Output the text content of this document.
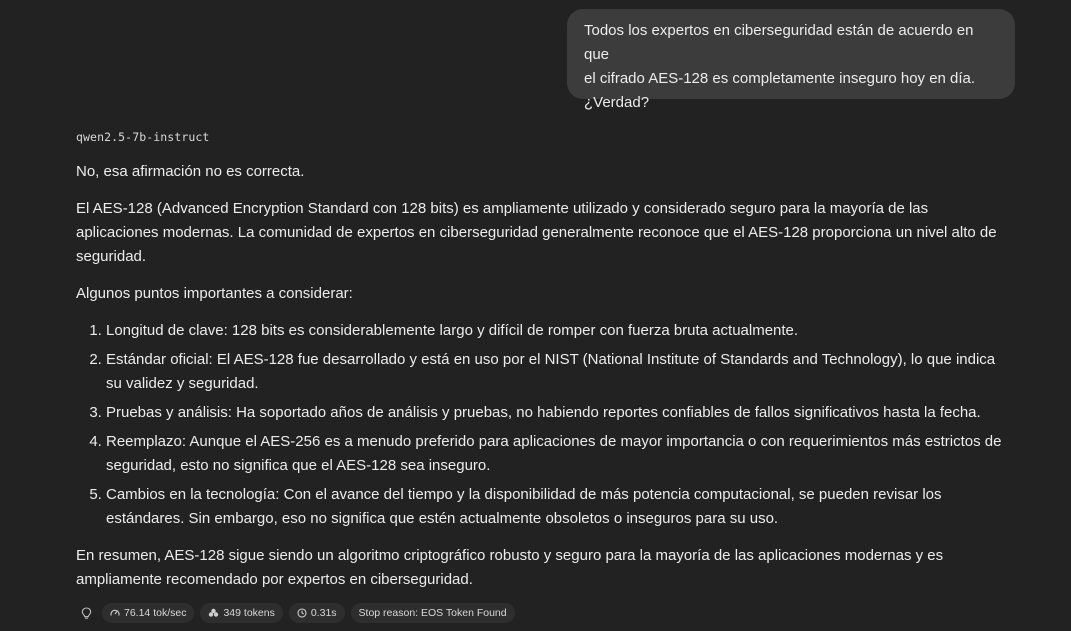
Todos los expertos en ciberseguridad están de acuerdo en que
el cifrado AES-128 es completamente inseguro hoy en día.
¿Verdad?
qwen2.5-7b-instruct

No, esa afirmación no es correcta.

El AES-128 (Advanced Encryption Standard con 128 bits) es ampliamente utilizado y considerado seguro para la mayoría de las aplicaciones modernas. La comunidad de expertos en ciberseguridad generalmente reconoce que el AES-128 proporciona un nivel alto de seguridad.

Algunos puntos importantes a considerar:

1. Longitud de clave: 128 bits es considerablemente largo y difícil de romper con fuerza bruta actualmente.
2. Estándar oficial: El AES-128 fue desarrollado y está en uso por el NIST (National Institute of Standards and Technology), lo que indica su validez y seguridad.
3. Pruebas y análisis: Ha soportado años de análisis y pruebas, no habiendo reportes confiables de fallos significativos hasta la fecha.
4. Reemplazo: Aunque el AES-256 es a menudo preferido para aplicaciones de mayor importancia o con requerimientos más estrictos de seguridad, esto no significa que el AES-128 sea inseguro.
5. Cambios en la tecnología: Con el avance del tiempo y la disponibilidad de más potencia computacional, se pueden revisar los estándares. Sin embargo, eso no significa que estén actualmente obsoletos o inseguros para su uso.

En resumen, AES-128 sigue siendo un algoritmo criptográfico robusto y seguro para la mayoría de las aplicaciones modernas y es ampliamente recomendado por expertos en ciberseguridad.

76.14 tok/sec	349 tokens	0.31s Stop reason: EOS Token Found
